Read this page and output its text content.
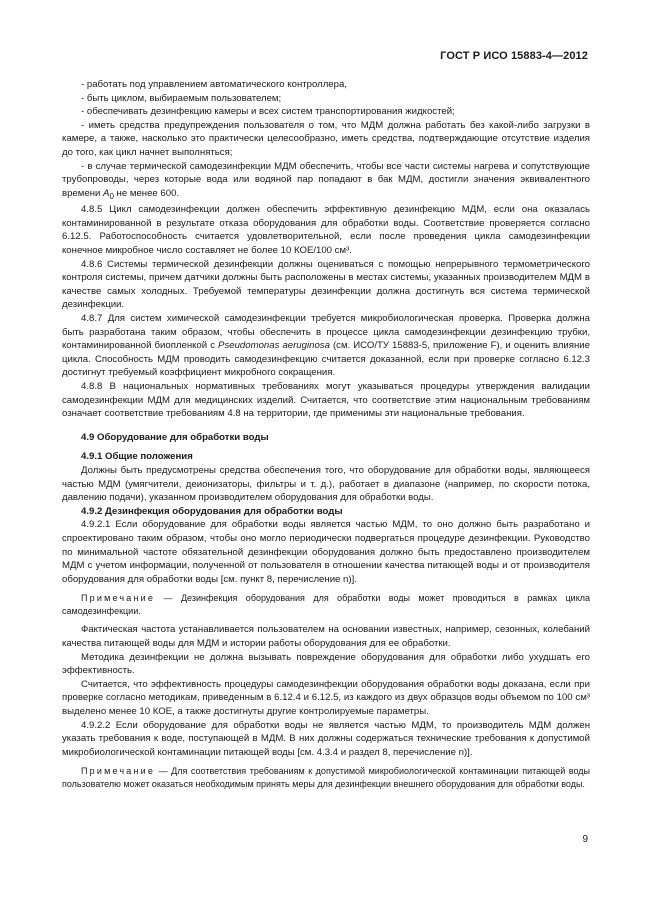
ГОСТ Р ИСО 15883-4—2012

- работать под управлением автоматического контроллера,

- быть циклом, выбираемым пользователем;

- обеспечивать дезинфекцию камеры и всех систем транспортирования жидкостей;

- иметь средства предупреждения пользователя о том, что МДМ должна работать без какой-либо загрузки в камере, а также, насколько это практически целесообразно, иметь средства, подтверждающие отсутствие изделия до того, как цикл начнет выполняться;

- в случае термической самодезинфекции МДМ обеспечить, чтобы все части системы нагрева и сопутствующие трубопроводы, через которые вода или водяной пар попадают в бак МДМ, достигли значения эквивалентного времени $A_0$ не менее 600.

4.8.5 Цикл самодезинфекции должен обеспечить эффективную дезинфекцию МДМ, если она оказалась контаминированной в результате отказа оборудования для обработки воды. Соответствие проверяется согласно 6.12.5. Работоспособность считается удовлетворительной, если после проведения цикла самодезинфекции конечное микробное число составляет не более 10 КОЕ/100 см³.

4.8.6 Системы термической дезинфекции должны оцениваться с помощью непрерывного термометрического контроля системы, причем датчики должны быть расположены в местах системы, указанных производителем МДМ в качестве самых холодных. Требуемой температуры дезинфекции должна достигнуть вся система термической дезинфекции.

4.8.7 Для систем химической самодезинфекции требуется микробиологическая проверка. Проверка должна быть разработана таким образом, чтобы обеспечить в процессе цикла самодезинфекции дезинфекцию трубки, контаминированной биопленкой с Pseudomonas aeruginosa (см. ИСО/ТУ 15883-5, приложение F), и оценить влияние цикла. Способность МДМ проводить самодезинфекцию считается доказанной, если при проверке согласно 6.12.3 достигнут требуемый коэффициент микробного сокращения.

4.8.8 В национальных нормативных требованиях могут указываться процедуры утверждения валидации самодезинфекции МДМ для медицинских изделий. Считается, что соответствие этим национальным требованиям означает соответствие требованиям 4.8 на территории, где применимы эти национальные требования.

4.9 Оборудование для обработки воды

4.9.1 Общие положения

Должны быть предусмотрены средства обеспечения того, что оборудование для обработки воды, являющееся частью МДМ (умягчители, деионизаторы, фильтры и т. д.), работает в диапазоне (например, по скорости потока, давлению подачи), указанном производителем оборудования для обработки воды.

4.9.2 Дезинфекция оборудования для обработки воды

4.9.2.1 Если оборудование для обработки воды является частью МДМ, то оно должно быть разработано и спроектировано таким образом, чтобы оно могло периодически подвергаться процедуре дезинфекции. Руководство по минимальной частоте обязательной дезинфекции оборудования должно быть предоставлено производителем МДМ с учетом информации, полученной от пользователя в отношении качества питающей воды и от производителя оборудования для обработки воды [см. пункт 8, перечисление n)].

Примечание — Дезинфекция оборудования для обработки воды может проводиться в рамках цикла самодезинфекции.

Фактическая частота устанавливается пользователем на основании известных, например, сезонных, колебаний качества питающей воды для МДМ и истории работы оборудования для ее обработки.

Методика дезинфекции не должна вызывать повреждение оборудования для обработки либо ухудшать его эффективность.

Считается, что эффективность процедуры самодезинфекции оборудования обработки воды доказана, если при проверке согласно методикам, приведенным в 6.12.4 и 6.12.5, из каждого из двух образцов воды объемом по 100 см³ выделено менее 10 КОЕ, а также достигнуты другие контролируемые параметры.

4.9.2.2 Если оборудование для обработки воды не является частью МДМ, то производитель МДМ должен указать требования к воде, поступающей в МДМ. В них должны содержаться технические требования к допустимой микробиологической контаминации питающей воды [см. 4.3.4 и раздел 8, перечисление n)].

Примечание — Для соответствия требованиям к допустимой микробиологической контаминации питающей воды пользователю может оказаться необходимым принять меры для дезинфекции внешнего оборудования для обработки воды.

9
